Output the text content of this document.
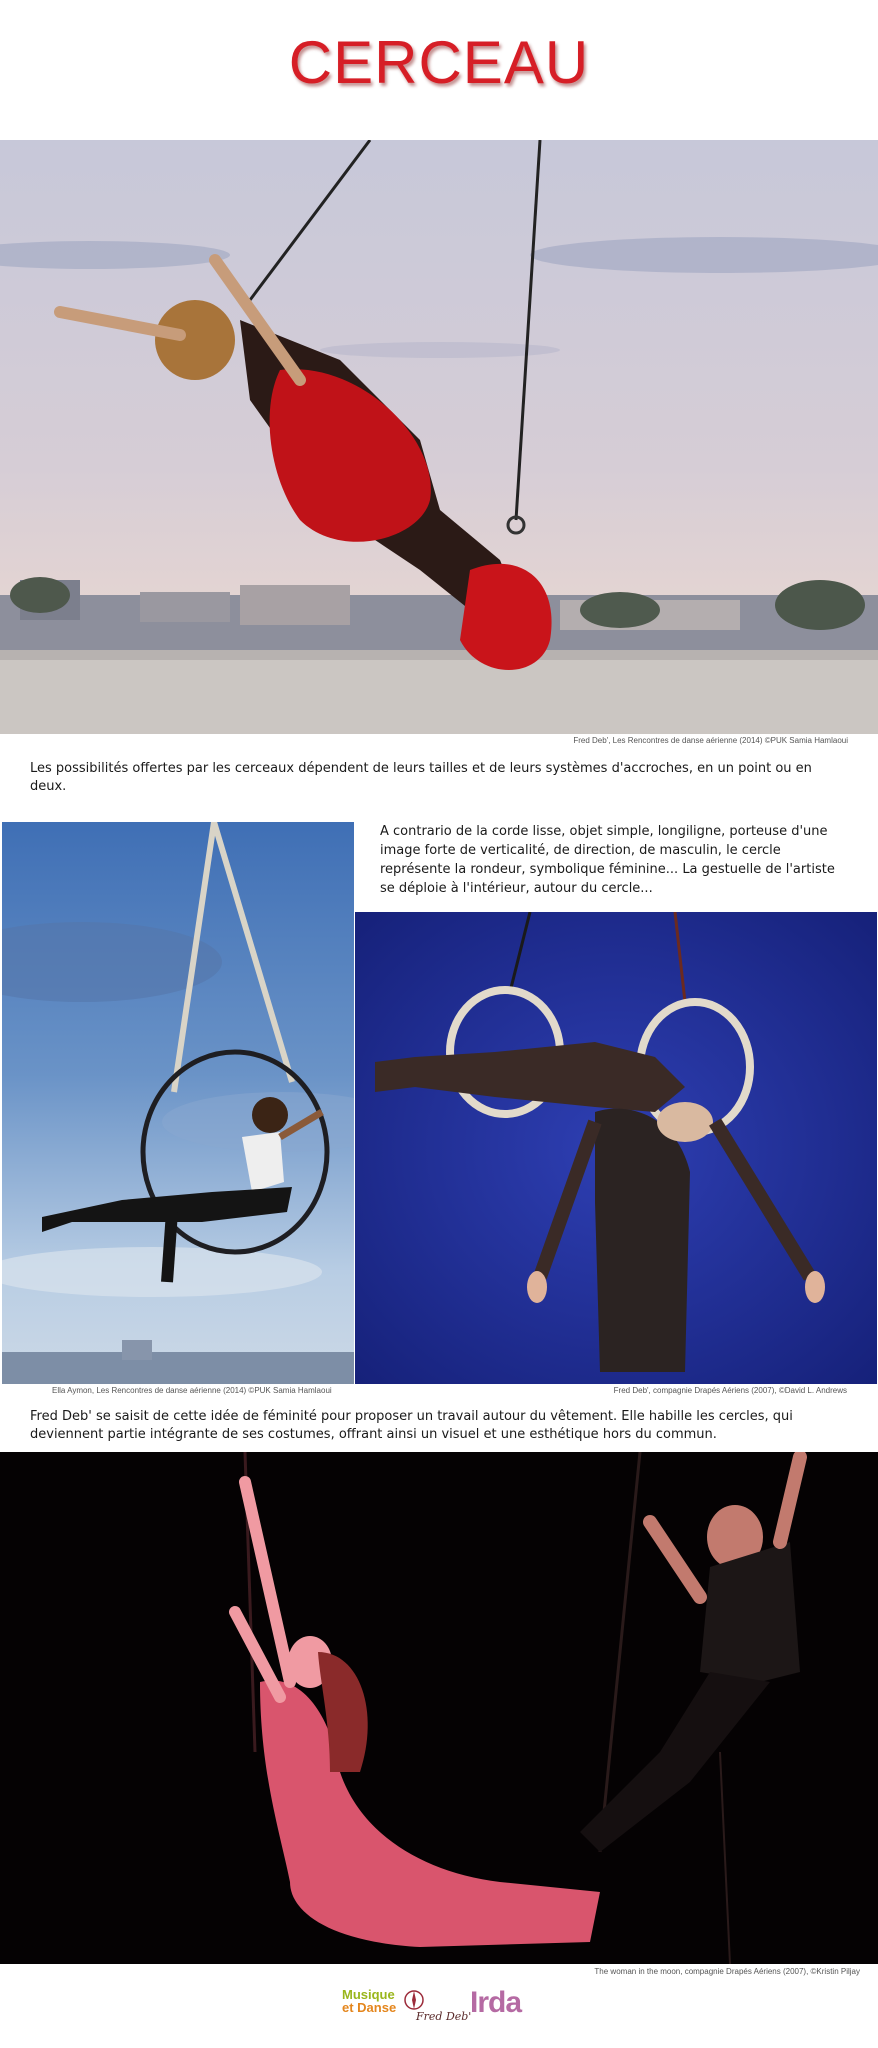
CERCEAU
Fred Deb', Les Rencontres de danse aérienne (2014) ©PUK Samia Hamlaoui
Les possibilités offertes par les cerceaux dépendent de leurs tailles et de leurs systèmes d'accroches, en un point ou en deux.
Ella Aymon, Les Rencontres de danse aérienne (2014) ©PUK Samia Hamlaoui
A contrario de la corde lisse, objet simple, longiligne, porteuse d'une image forte de verticalité, de direction, de masculin, le cercle représente la rondeur, symbolique féminine... La gestuelle de l'artiste se déploie à l'intérieur, autour du cercle...
Fred Deb', compagnie Drapés Aériens (2007), ©David L. Andrews
Fred Deb' se saisit de cette idée de féminité pour proposer un travail autour du vêtement. Elle habille les cercles, qui deviennent partie intégrante de ses costumes, offrant ainsi un visuel et une esthétique hors du commun.
The woman in the moon, compagnie Drapés Aériens (2007), ©Kristin Piljay
Musique
et Danse
Fred Deb'
Irda
